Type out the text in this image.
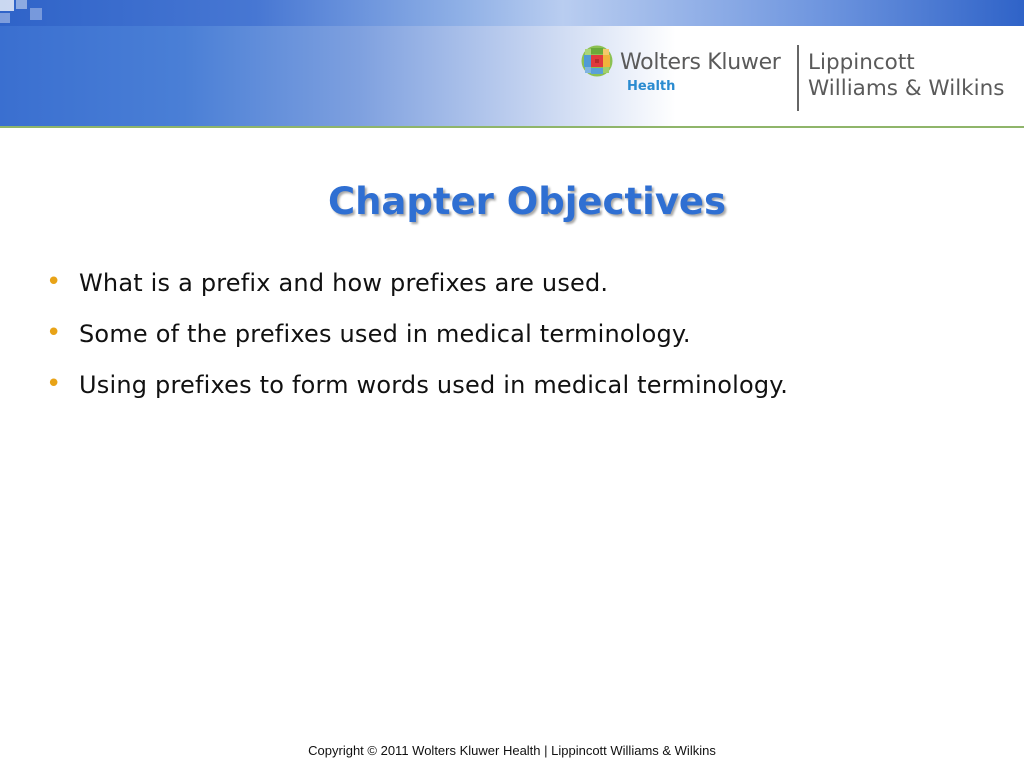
Wolters Kluwer
Health
Lippincott
Williams & Wilkins
Chapter Objectives
• What is a prefix and how prefixes are used.
• Some of the prefixes used in medical terminology.
• Using prefixes to form words used in medical terminology.
Copyright © 2011 Wolters Kluwer Health | Lippincott Williams & Wilkins
